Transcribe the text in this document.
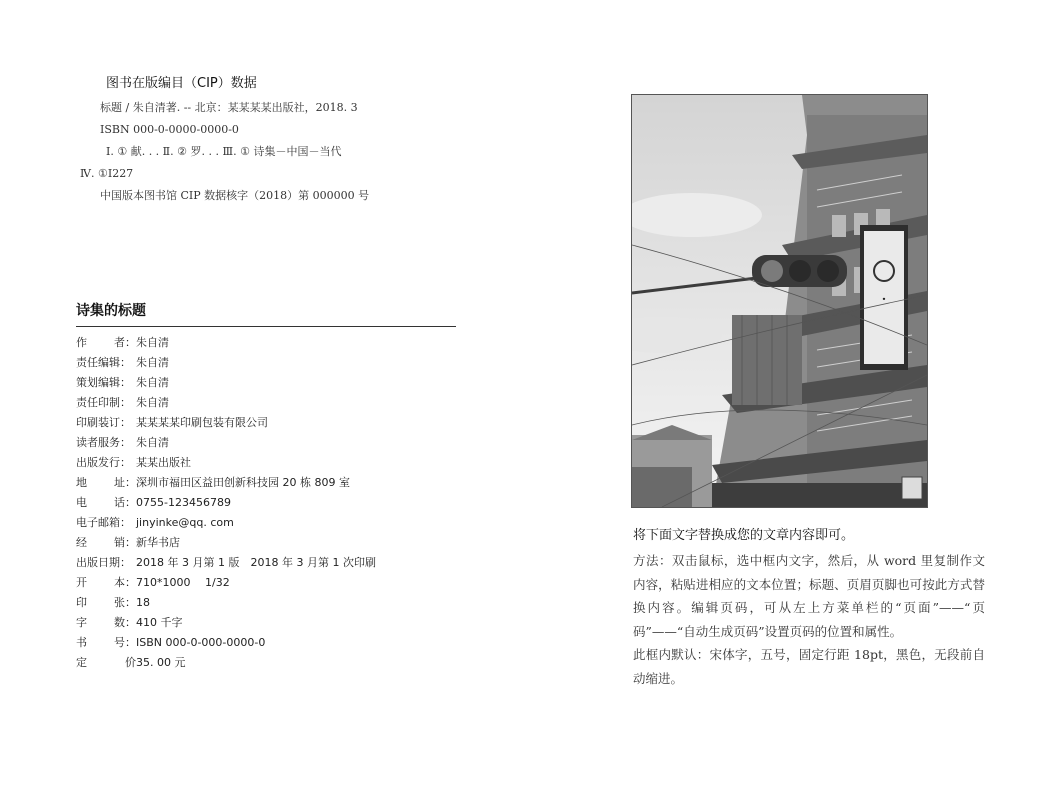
图书在版编目（CIP）数据
标题 / 朱自清著. -- 北京：某某某某出版社，2018. 3
ISBN 000-0-0000-0000-0
Ⅰ. ① 献. . . Ⅱ. ② 罗. . . Ⅲ. ① 诗集－中国－当代
Ⅳ. ①I227
中国版本图书馆 CIP 数据核字（2018）第 000000 号
诗集的标题
作 者： 朱自清
责任编辑： 朱自清
策划编辑： 朱自清
责任印制： 朱自清
印刷装订： 某某某某印刷包装有限公司
读者服务： 朱自清
出版发行： 某某出版社
地 址： 深圳市福田区益田创新科技园 20 栋 809 室
电 话： 0755-123456789
电子邮箱： jinyinke@qq. com
经 销： 新华书店
出版日期： 2018 年 3 月第 1 版　2018 年 3 月第 1 次印刷
开 本： 710*1000　 1/32
印 张： 18
字 数： 410 千字
书 号： ISBN 000-0-000-0000-0
定	价 35. 00 元
·
将下面文字替换成您的文章内容即可。

方法：双击鼠标，选中框内文字，然后，从 word 里复制作文内容，粘贴进相应的文本位置；标题、页眉页脚也可按此方式替换内容。编辑页码，可从左上方菜单栏的“页面”——“页码”——“自动生成页码”设置页码的位置和属性。

此框内默认：宋体字，五号，固定行距 18pt，黑色，无段前自动缩进。
